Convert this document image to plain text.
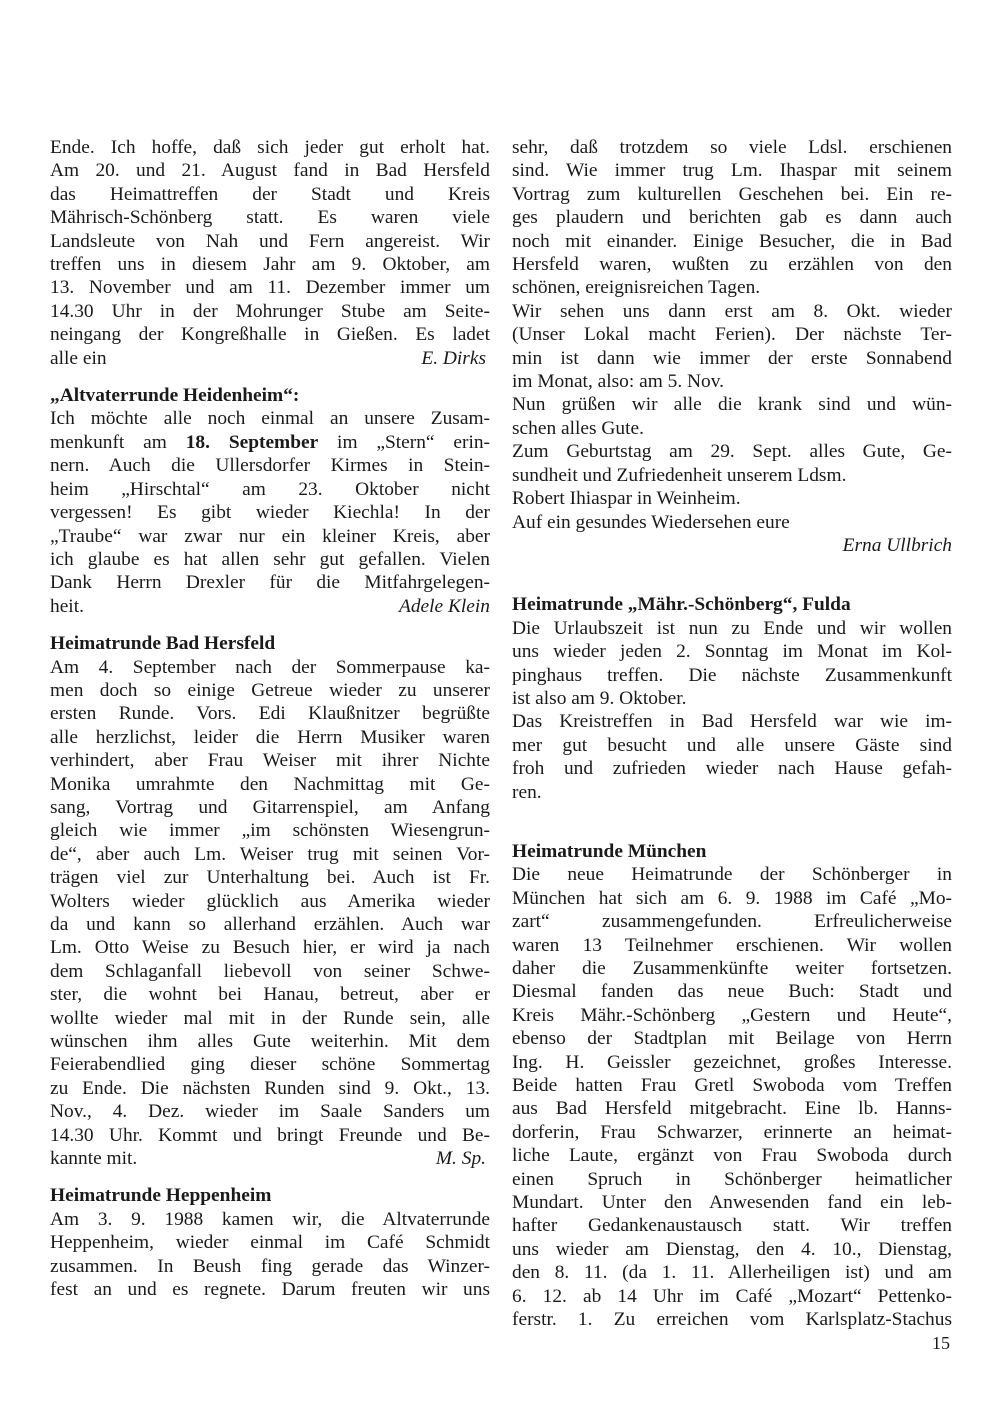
Ende. Ich hoffe, daß sich jeder gut erholt hat.
Am 20. und 21. August fand in Bad Hersfeld
das Heimattreffen der Stadt und Kreis
Mährisch-Schönberg statt. Es waren viele
Landsleute von Nah und Fern angereist. Wir
treffen uns in diesem Jahr am 9. Oktober, am
13. November und am 11. Dezember immer um
14.30 Uhr in der Mohrunger Stube am Seite-
neingang der Kongreßhalle in Gießen. Es ladet
alle ein	E. Dirks
„Altvaterrunde Heidenheim“:
Ich möchte alle noch einmal an unsere Zusam-
menkunft am 18. September im „Stern“ erin-
nern. Auch die Ullersdorfer Kirmes in Stein-
heim „Hirschtal“ am 23. Oktober nicht
vergessen! Es gibt wieder Kiechla! In der
„Traube“ war zwar nur ein kleiner Kreis, aber
ich glaube es hat allen sehr gut gefallen. Vielen
Dank Herrn Drexler für die Mitfahrgelegen-
heit.	Adele Klein
Heimatrunde Bad Hersfeld
Am 4. September nach der Sommerpause ka-
men doch so einige Getreue wieder zu unserer
ersten Runde. Vors. Edi Klaußnitzer begrüßte
alle herzlichst, leider die Herrn Musiker waren
verhindert, aber Frau Weiser mit ihrer Nichte
Monika umrahmte den Nachmittag mit Ge-
sang, Vortrag und Gitarrenspiel, am Anfang
gleich wie immer „im schönsten Wiesengrun-
de“, aber auch Lm. Weiser trug mit seinen Vor-
trägen viel zur Unterhaltung bei. Auch ist Fr.
Wolters wieder glücklich aus Amerika wieder
da und kann so allerhand erzählen. Auch war
Lm. Otto Weise zu Besuch hier, er wird ja nach
dem Schlaganfall liebevoll von seiner Schwe-
ster, die wohnt bei Hanau, betreut, aber er
wollte wieder mal mit in der Runde sein, alle
wünschen ihm alles Gute weiterhin. Mit dem
Feierabendlied ging dieser schöne Sommertag
zu Ende. Die nächsten Runden sind 9. Okt., 13.
Nov., 4. Dez. wieder im Saale Sanders um
14.30 Uhr. Kommt und bringt Freunde und Be-
kannte mit.	M. Sp.
Heimatrunde Heppenheim
Am 3. 9. 1988 kamen wir, die Altvaterrunde
Heppenheim, wieder einmal im Café Schmidt
zusammen. In Beush fing gerade das Winzer-
fest an und es regnete. Darum freuten wir uns
sehr, daß trotzdem so viele Ldsl. erschienen
sind. Wie immer trug Lm. Ihaspar mit seinem
Vortrag zum kulturellen Geschehen bei. Ein re-
ges plaudern und berichten gab es dann auch
noch mit einander. Einige Besucher, die in Bad
Hersfeld waren, wußten zu erzählen von den
schönen, ereignisreichen Tagen.
Wir sehen uns dann erst am 8. Okt. wieder
(Unser Lokal macht Ferien). Der nächste Ter-
min ist dann wie immer der erste Sonnabend
im Monat, also: am 5. Nov.
Nun grüßen wir alle die krank sind und wün-
schen alles Gute.
Zum Geburtstag am 29. Sept. alles Gute, Ge-
sundheit und Zufriedenheit unserem Ldsm.
Robert Ihiaspar in Weinheim.
Auf ein gesundes Wiedersehen eure
Erna Ullbrich
Heimatrunde „Mähr.-Schönberg“, Fulda
Die Urlaubszeit ist nun zu Ende und wir wollen
uns wieder jeden 2. Sonntag im Monat im Kol-
pinghaus treffen. Die nächste Zusammenkunft
ist also am 9. Oktober.
Das Kreistreffen in Bad Hersfeld war wie im-
mer gut besucht und alle unsere Gäste sind
froh und zufrieden wieder nach Hause gefah-
ren.
Heimatrunde München
Die neue Heimatrunde der Schönberger in
München hat sich am 6. 9. 1988 im Café „Mo-
zart“ zusammengefunden. Erfreulicherweise
waren 13 Teilnehmer erschienen. Wir wollen
daher die Zusammenkünfte weiter fortsetzen.
Diesmal fanden das neue Buch: Stadt und
Kreis Mähr.-Schönberg „Gestern und Heute“,
ebenso der Stadtplan mit Beilage von Herrn
Ing. H. Geissler gezeichnet, großes Interesse.
Beide hatten Frau Gretl Swoboda vom Treffen
aus Bad Hersfeld mitgebracht. Eine lb. Hanns-
dorferin, Frau Schwarzer, erinnerte an heimat-
liche Laute, ergänzt von Frau Swoboda durch
einen Spruch in Schönberger heimatlicher
Mundart. Unter den Anwesenden fand ein leb-
hafter Gedankenaustausch statt. Wir treffen
uns wieder am Dienstag, den 4. 10., Dienstag,
den 8. 11. (da 1. 11. Allerheiligen ist) und am
6. 12. ab 14 Uhr im Café „Mozart“ Pettenko-
ferstr. 1. Zu erreichen vom Karlsplatz-Stachus
15
